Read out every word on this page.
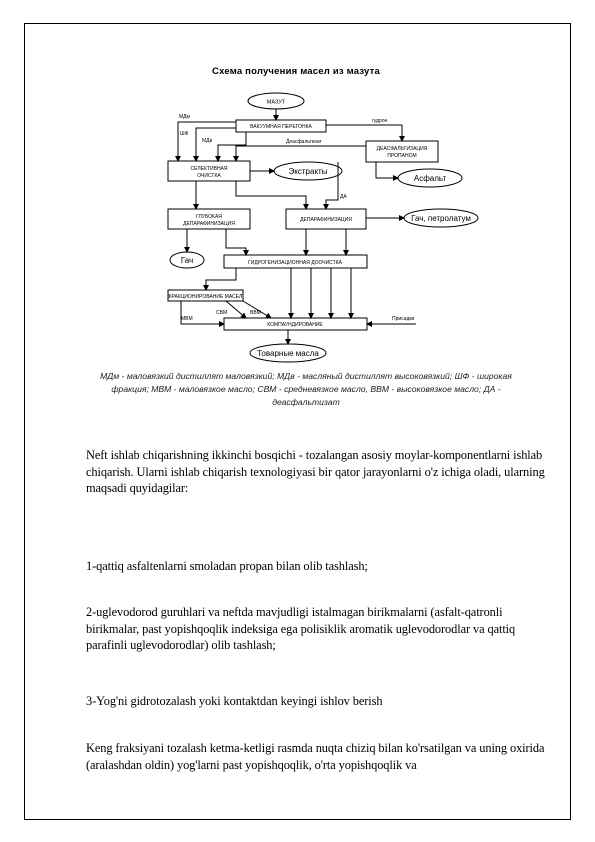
Схема получения масел из мазута
МАЗУТ
ВАКУУМНАЯ ПЕРЕГОНКА
ДЕАСФАЛЬТИЗАЦИЯ
ПРОПАНОМ
СЕЛЕКТИВНАЯ
ОЧИСТКА	Экстракты
Асфальт
ГЛУБОКАЯ
ДЕПАРАФИНИЗАЦИЯ
ДЕПАРАФИНИЗАЦИЯ	Гач, петролатум
Гач	ГИДРОГЕНИЗАЦИОННАЯ ДООЧИСТКА
ФРАКЦИОНИРОВАНИЕ МАСЕЛ
КОМПАУНДИРОВАНИЕ
Товарные масла
МДм
гудрон
ШФ
МДв	Деасфальтизат
ДА
СВМ	ВВМ
МВМ	Присадки
МДм - маловязкий дистиллят маловязкий; МДв - масляный дистиллят высоковязкий; ШФ - широкая фракция; МВМ - маловязкое масло; СВМ - средневязкое масло, ВВМ - высоковязкое масло; ДА - деасфальтизат
Neft ishlab chiqarishning ikkinchi bosqichi - tozalangan asosiy moylar-komponentlarni ishlab chiqarish. Ularni ishlab chiqarish texnologiyasi bir qator jarayonlarni o'z ichiga oladi, ularning maqsadi quyidagilar:
1-qattiq asfaltenlarni smoladan propan bilan olib tashlash;
2-uglevodorod guruhlari va neftda mavjudligi istalmagan birikmalarni (asfalt-qatronli birikmalar, past yopishqoqlik indeksiga ega polisiklik aromatik uglevodorodlar va qattiq parafinli uglevodorodlar) olib tashlash;
3-Yog'ni gidrotozalash yoki kontaktdan keyingi ishlov berish
Keng fraksiyani tozalash ketma-ketligi rasmda nuqta chiziq bilan ko'rsatilgan va uning oxirida (aralashdan oldin) yog'larni past yopishqoqlik, o'rta yopishqoqlik va
